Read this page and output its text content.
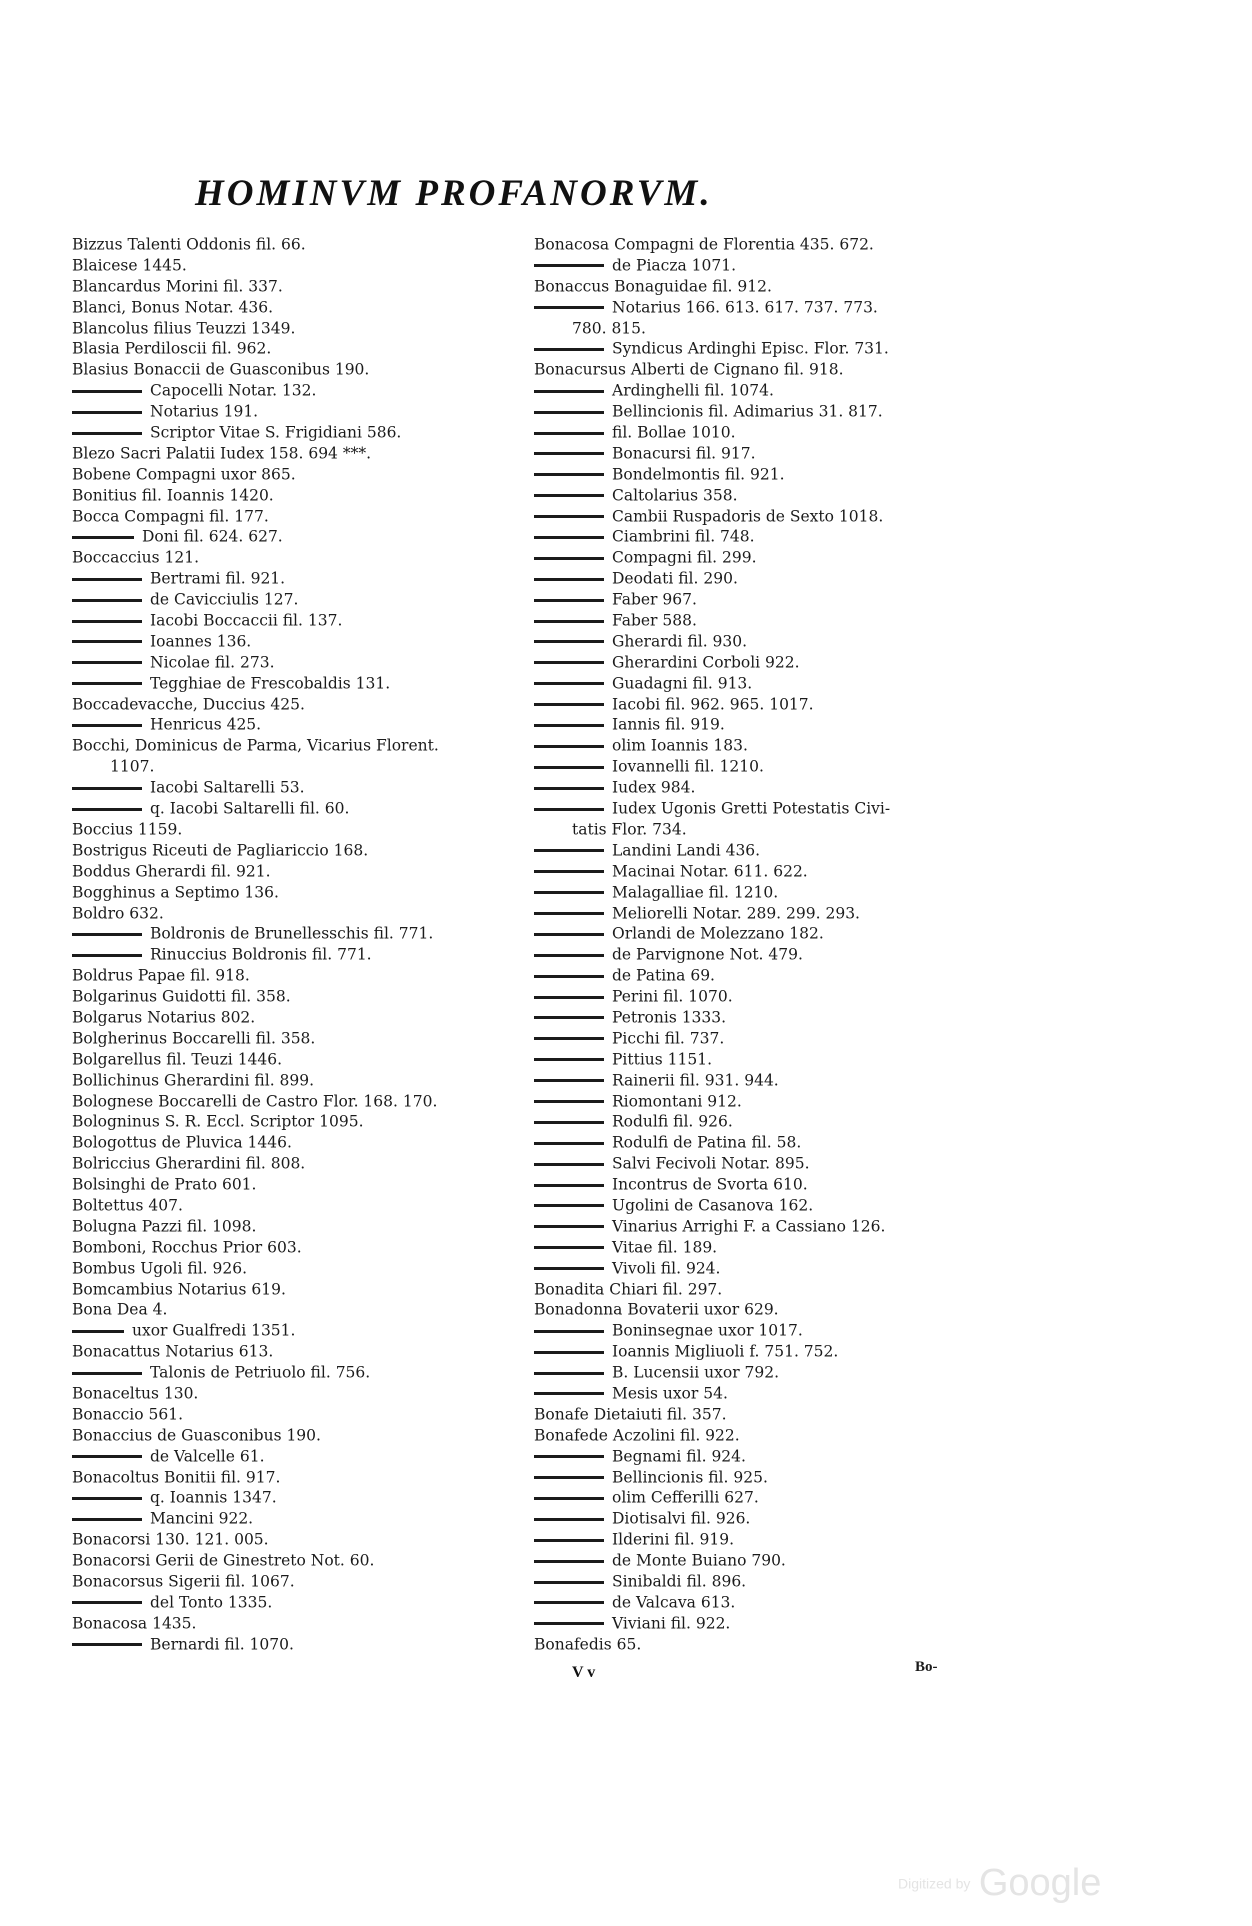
HOMINVM PROFANORVM.
Bizzus Talenti Oddonis fil. 66.
Blaicese 1445.
Blancardus Morini fil. 337.
Blanci, Bonus Notar. 436.
Blancolus filius Teuzzi 1349.
Blasia Perdiloscii fil. 962.
Blasius Bonaccii de Guasconibus 190.
Capocelli Notar. 132.
Notarius 191.
Scriptor Vitae S. Frigidiani 586.
Blezo Sacri Palatii Iudex 158. 694 ***.
Bobene Compagni uxor 865.
Bonitius fil. Ioannis 1420.
Bocca Compagni fil. 177.
Doni fil. 624. 627.
Boccaccius 121.
Bertrami fil. 921.
de Cavicciulis 127.
Iacobi Boccaccii fil. 137.
Ioannes 136.
Nicolae fil. 273.
Tegghiae de Frescobaldis 131.
Boccadevacche, Duccius 425.
Henricus 425.
Bocchi, Dominicus de Parma, Vicarius Florent.
1107.
Iacobi Saltarelli 53.
q. Iacobi Saltarelli fil. 60.
Boccius 1159.
Bostrigus Riceuti de Pagliariccio 168.
Boddus Gherardi fil. 921.
Bogghinus a Septimo 136.
Boldro 632.
Boldronis de Brunellesschis fil. 771.
Rinuccius Boldronis fil. 771.
Boldrus Papae fil. 918.
Bolgarinus Guidotti fil. 358.
Bolgarus Notarius 802.
Bolgherinus Boccarelli fil. 358.
Bolgarellus fil. Teuzi 1446.
Bollichinus Gherardini fil. 899.
Bolognese Boccarelli de Castro Flor. 168. 170.
Bologninus S. R. Eccl. Scriptor 1095.
Bologottus de Pluvica 1446.
Bolriccius Gherardini fil. 808.
Bolsinghi de Prato 601.
Boltettus 407.
Bolugna Pazzi fil. 1098.
Bomboni, Rocchus Prior 603.
Bombus Ugoli fil. 926.
Bomcambius Notarius 619.
Bona Dea 4.
uxor Gualfredi 1351.
Bonacattus Notarius 613.
Talonis de Petriuolo fil. 756.
Bonaceltus 130.
Bonaccio 561.
Bonaccius de Guasconibus 190.
de Valcelle 61.
Bonacoltus Bonitii fil. 917.
q. Ioannis 1347.
Mancini 922.
Bonacorsi 130. 121. 005.
Bonacorsi Gerii de Ginestreto Not. 60.
Bonacorsus Sigerii fil. 1067.
del Tonto 1335.
Bonacosa 1435.
Bernardi fil. 1070.
Bonacosa Compagni de Florentia 435. 672.
de Piacza 1071.
Bonaccus Bonaguidae fil. 912.
Notarius 166. 613. 617. 737. 773.
780. 815.
Syndicus Ardinghi Episc. Flor. 731.
Bonacursus Alberti de Cignano fil. 918.
Ardinghelli fil. 1074.
Bellincionis fil. Adimarius 31. 817.
fil. Bollae 1010.
Bonacursi fil. 917.
Bondelmontis fil. 921.
Caltolarius 358.
Cambii Ruspadoris de Sexto 1018.
Ciambrini fil. 748.
Compagni fil. 299.
Deodati fil. 290.
Faber 967.
Faber 588.
Gherardi fil. 930.
Gherardini Corboli 922.
Guadagni fil. 913.
Iacobi fil. 962. 965. 1017.
Iannis fil. 919.
olim Ioannis 183.
Iovannelli fil. 1210.
Iudex 984.
Iudex Ugonis Gretti Potestatis Civi-
tatis Flor. 734.
Landini Landi 436.
Macinai Notar. 611. 622.
Malagalliae fil. 1210.
Meliorelli Notar. 289. 299. 293.
Orlandi de Molezzano 182.
de Parvignone Not. 479.
de Patina 69.
Perini fil. 1070.
Petronis 1333.
Picchi fil. 737.
Pittius 1151.
Rainerii fil. 931. 944.
Riomontani 912.
Rodulfi fil. 926.
Rodulfi de Patina fil. 58.
Salvi Fecivoli Notar. 895.
Incontrus de Svorta 610.
Ugolini de Casanova 162.
Vinarius Arrighi F. a Cassiano 126.
Vitae fil. 189.
Vivoli fil. 924.
Bonadita Chiari fil. 297.
Bonadonna Bovaterii uxor 629.
Boninsegnae uxor 1017.
Ioannis Migliuoli f. 751. 752.
B. Lucensii uxor 792.
Mesis uxor 54.
Bonafe Dietaiuti fil. 357.
Bonafede Aczolini fil. 922.
Begnami fil. 924.
Bellincionis fil. 925.
olim Cefferilli 627.
Diotisalvi fil. 926.
Ilderini fil. 919.
de Monte Buiano 790.
Sinibaldi fil. 896.
de Valcava 613.
Viviani fil. 922.
Bonafedis 65.
V v	Bo-
Digitized by Google
